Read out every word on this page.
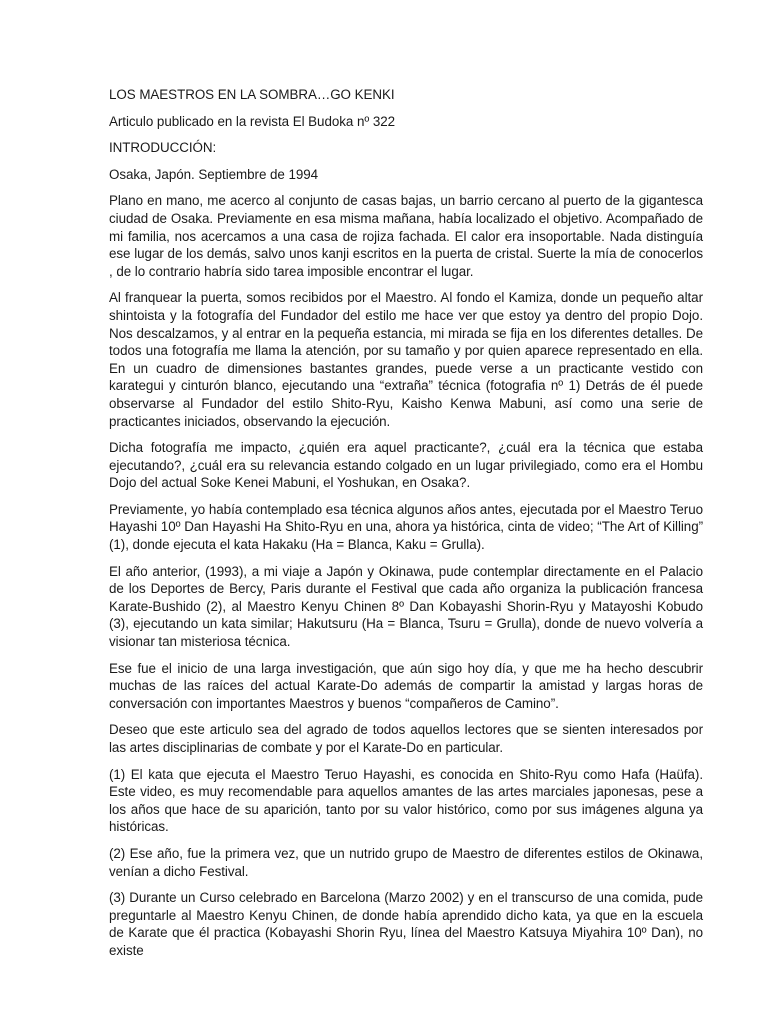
LOS MAESTROS EN LA SOMBRA…GO KENKI

Articulo publicado en la revista El Budoka nº 322

INTRODUCCIÓN:

Osaka, Japón. Septiembre de 1994

Plano en mano, me acerco al conjunto de casas bajas, un barrio cercano al puerto de la gigantesca ciudad de Osaka. Previamente en esa misma mañana, había localizado el objetivo. Acompañado de mi familia, nos acercamos a una casa de rojiza fachada. El calor era insoportable. Nada distinguía ese lugar de los demás, salvo unos kanji escritos en la puerta de cristal. Suerte la mía de conocerlos , de lo contrario habría sido tarea imposible encontrar el lugar.

Al franquear la puerta, somos recibidos por el Maestro. Al fondo el Kamiza, donde un pequeño altar shintoista y la fotografía del Fundador del estilo me hace ver que estoy ya dentro del propio Dojo. Nos descalzamos, y al entrar en la pequeña estancia, mi mirada se fija en los diferentes detalles. De todos una fotografía me llama la atención, por su tamaño y por quien aparece representado en ella. En un cuadro de dimensiones bastantes grandes, puede verse a un practicante vestido con karategui y cinturón blanco, ejecutando una “extraña” técnica (fotografia nº 1) Detrás de él puede observarse al Fundador del estilo Shito-Ryu, Kaisho Kenwa Mabuni, así como una serie de practicantes iniciados, observando la ejecución.

Dicha fotografía me impacto, ¿quién era aquel practicante?, ¿cuál era la técnica que estaba ejecutando?, ¿cuál era su relevancia estando colgado en un lugar privilegiado, como era el Hombu Dojo del actual Soke Kenei Mabuni, el Yoshukan, en Osaka?.

Previamente, yo había contemplado esa técnica algunos años antes, ejecutada por el Maestro Teruo Hayashi 10º Dan Hayashi Ha Shito-Ryu en una, ahora ya histórica, cinta de video; “The Art of Killing” (1), donde ejecuta el kata Hakaku (Ha = Blanca, Kaku = Grulla).

El año anterior, (1993), a mi viaje a Japón y Okinawa, pude contemplar directamente en el Palacio de los Deportes de Bercy, Paris durante el Festival que cada año organiza la publicación francesa Karate-Bushido (2), al Maestro Kenyu Chinen 8º Dan Kobayashi Shorin-Ryu y Matayoshi Kobudo (3), ejecutando un kata similar; Hakutsuru (Ha = Blanca, Tsuru = Grulla), donde de nuevo volvería a visionar tan misteriosa técnica.

Ese fue el inicio de una larga investigación, que aún sigo hoy día, y que me ha hecho descubrir muchas de las raíces del actual Karate-Do además de compartir la amistad y largas horas de conversación con importantes Maestros y buenos “compañeros de Camino”.

Deseo que este articulo sea del agrado de todos aquellos lectores que se sienten interesados por las artes disciplinarias de combate y por el Karate-Do en particular.

(1) El kata que ejecuta el Maestro Teruo Hayashi, es conocida en Shito-Ryu como Hafa (Haüfa). Este video, es muy recomendable para aquellos amantes de las artes marciales japonesas, pese a los años que hace de su aparición, tanto por su valor histórico, como por sus imágenes alguna ya históricas.

(2) Ese año, fue la primera vez, que un nutrido grupo de Maestro de diferentes estilos de Okinawa, venían a dicho Festival.

(3) Durante un Curso celebrado en Barcelona (Marzo 2002) y en el transcurso de una comida, pude preguntarle al Maestro Kenyu Chinen, de donde había aprendido dicho kata, ya que en la escuela de Karate que él practica (Kobayashi Shorin Ryu, línea del Maestro Katsuya Miyahira 10º Dan), no existe
